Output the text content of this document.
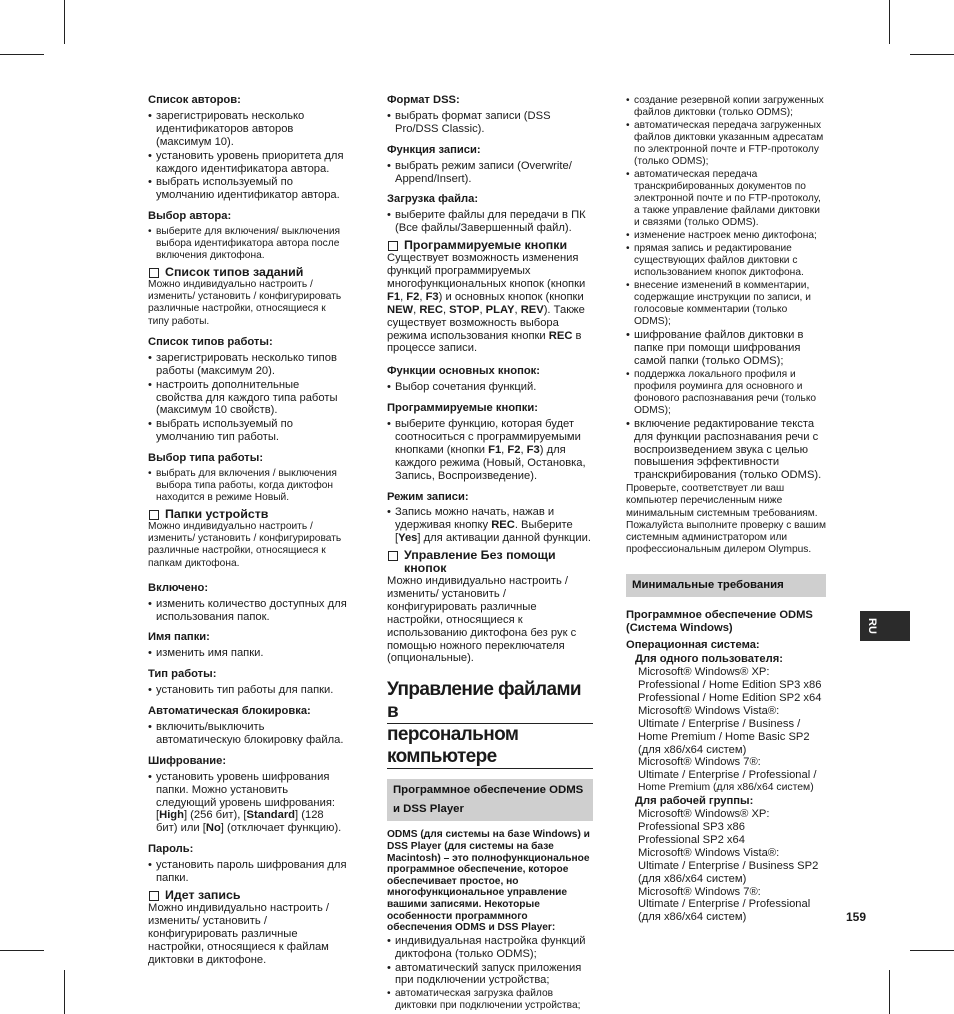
Список авторов:
• зарегистрировать несколько идентификаторов авторов (максимум 10).
• установить уровень приоритета для каждого идентификатора автора.
• выбрать используемый по умолчанию идентификатор автора.
Выбор автора:
• выберите для включения/ выключения выбора идентификатора автора после включения диктофона.
Список типов заданий

Можно индивидуально настроить / изменить/ установить / конфигурировать различные настройки, относящиеся к типу работы.

Список типов работы:
• зарегистрировать несколько типов работы (максимум 20).
• настроить дополнительные свойства для каждого типа работы (максимум 10 свойств).
• выбрать используемый по умолчанию тип работы.
Выбор типа работы:
• выбрать для включения / выключения выбора типа работы, когда диктофон находится в режиме Новый.
Папки устройств

Можно индивидуально настроить / изменить/ установить / конфигурировать различные настройки, относящиеся к папкам диктофона.

Включено:
• изменить количество доступных для использования папок.
Имя папки:
• изменить имя папки.
Тип работы:
• установить тип работы для папки.
Автоматическая блокировка:
• включить/выключить автоматическую блокировку файла.
Шифрование:
• установить уровень шифрования папки. Можно установить следующий уровень шифрования: [High] (256 бит), [Standard] (128 бит) или [No] (отключает функцию).
Пароль:
• установить пароль шифрования для папки.
Идет запись

Можно индивидуально настроить / изменить/ установить / конфигурировать различные настройки, относящиеся к файлам диктовки в диктофоне.

Формат DSS:
• выбрать формат записи (DSS Pro/DSS Classic).
Функция записи:
• выбрать режим записи (Overwrite/ Append/Insert).
Загрузка файла:
• выберите файлы для передачи в ПК (Все файлы/Завершенный файл).
Программируемые кнопки

Существует возможность изменения функций программируемых многофункциональных кнопок (кнопки F1, F2, F3) и основных кнопок (кнопки NEW, REC, STOP, PLAY, REV). Также существует возможность выбора режима использования кнопки REC в процессе записи.

Функции основных кнопок:
• Выбор сочетания функций.
Программируемые кнопки:
• выберите функцию, которая будет соотноситься с программируемыми кнопками (кнопки F1, F2, F3) для каждого режима (Новый, Остановка, Запись, Воспроизведение).
Режим записи:
• Запись можно начать, нажав и удерживая кнопку REC. Выберите [Yes] для активации данной функции.
Управление Без помощи кнопок

Можно индивидуально настроить / изменить/ установить / конфигурировать различные настройки, относящиеся к использованию диктофона без рук с помощью ножного переключателя (опциональные).

Управление файлами в
персональном компьютере
Программное обеспечение ODMS и DSS Player

ODMS (для системы на базе Windows) и DSS Player (для системы на базе Macintosh) – это полнофункциональное программное обеспечение, которое обеспечивает простое, но многофункциональное управление вашими записями. Некоторые особенности программного обеспечения ODMS и DSS Player:

• индивидуальная настройка функций диктофона (только ODMS);
• автоматический запуск приложения при подключении устройства;
• автоматическая загрузка файлов диктовки при подключении устройства;
• создание резервной копии загруженных файлов диктовки (только ODMS);
• автоматическая передача загруженных файлов диктовки указанным адресатам по электронной почте и FTP-протоколу (только ODMS);
• автоматическая передача транскрибированных документов по электронной почте и по FTP-протоколу, а также управление файлами диктовки и связями (только ODMS).
• изменение настроек меню диктофона;
• прямая запись и редактирование существующих файлов диктовки с использованием кнопок диктофона.
• внесение изменений в комментарии, содержащие инструкции по записи, и голосовые комментарии (только ODMS);
• шифрование файлов диктовки в папке при помощи шифрования самой папки (только ODMS);
• поддержка локального профиля и профиля роуминга для основного и фонового распознавания речи (только ODMS);
• включение редактирование текста для функции распознавания речи с воспроизведением звука с целью повышения эффективности транскрибирования (только ODMS).

Проверьте, соответствует ли ваш компьютер перечисленным ниже минимальным системным требованиям. Пожалуйста выполните проверку с вашим системным администратором или профессиональным дилером Olympus.

Минимальные требования
Программное обеспечение ODMS (Система Windows)
Операционная система:
Для одного пользователя:
Microsoft® Windows® XP:
Professional / Home Edition SP3 x86
Professional / Home Edition SP2 x64
Microsoft® Windows Vista®:
Ultimate / Enterprise / Business /
Home Premium / Home Basic SP2
(для x86/x64 систем)
Microsoft® Windows 7®:
Ultimate / Enterprise / Professional /
Home Premium (для x86/x64 систем)
Для рабочей группы:
Microsoft® Windows® XP:
Professional SP3 x86
Professional SP2 x64
Microsoft® Windows Vista®:
Ultimate / Enterprise / Business SP2
(для x86/x64 систем)
Microsoft® Windows 7®:
Ultimate / Enterprise / Professional
(для x86/x64 систем)
RU
159
